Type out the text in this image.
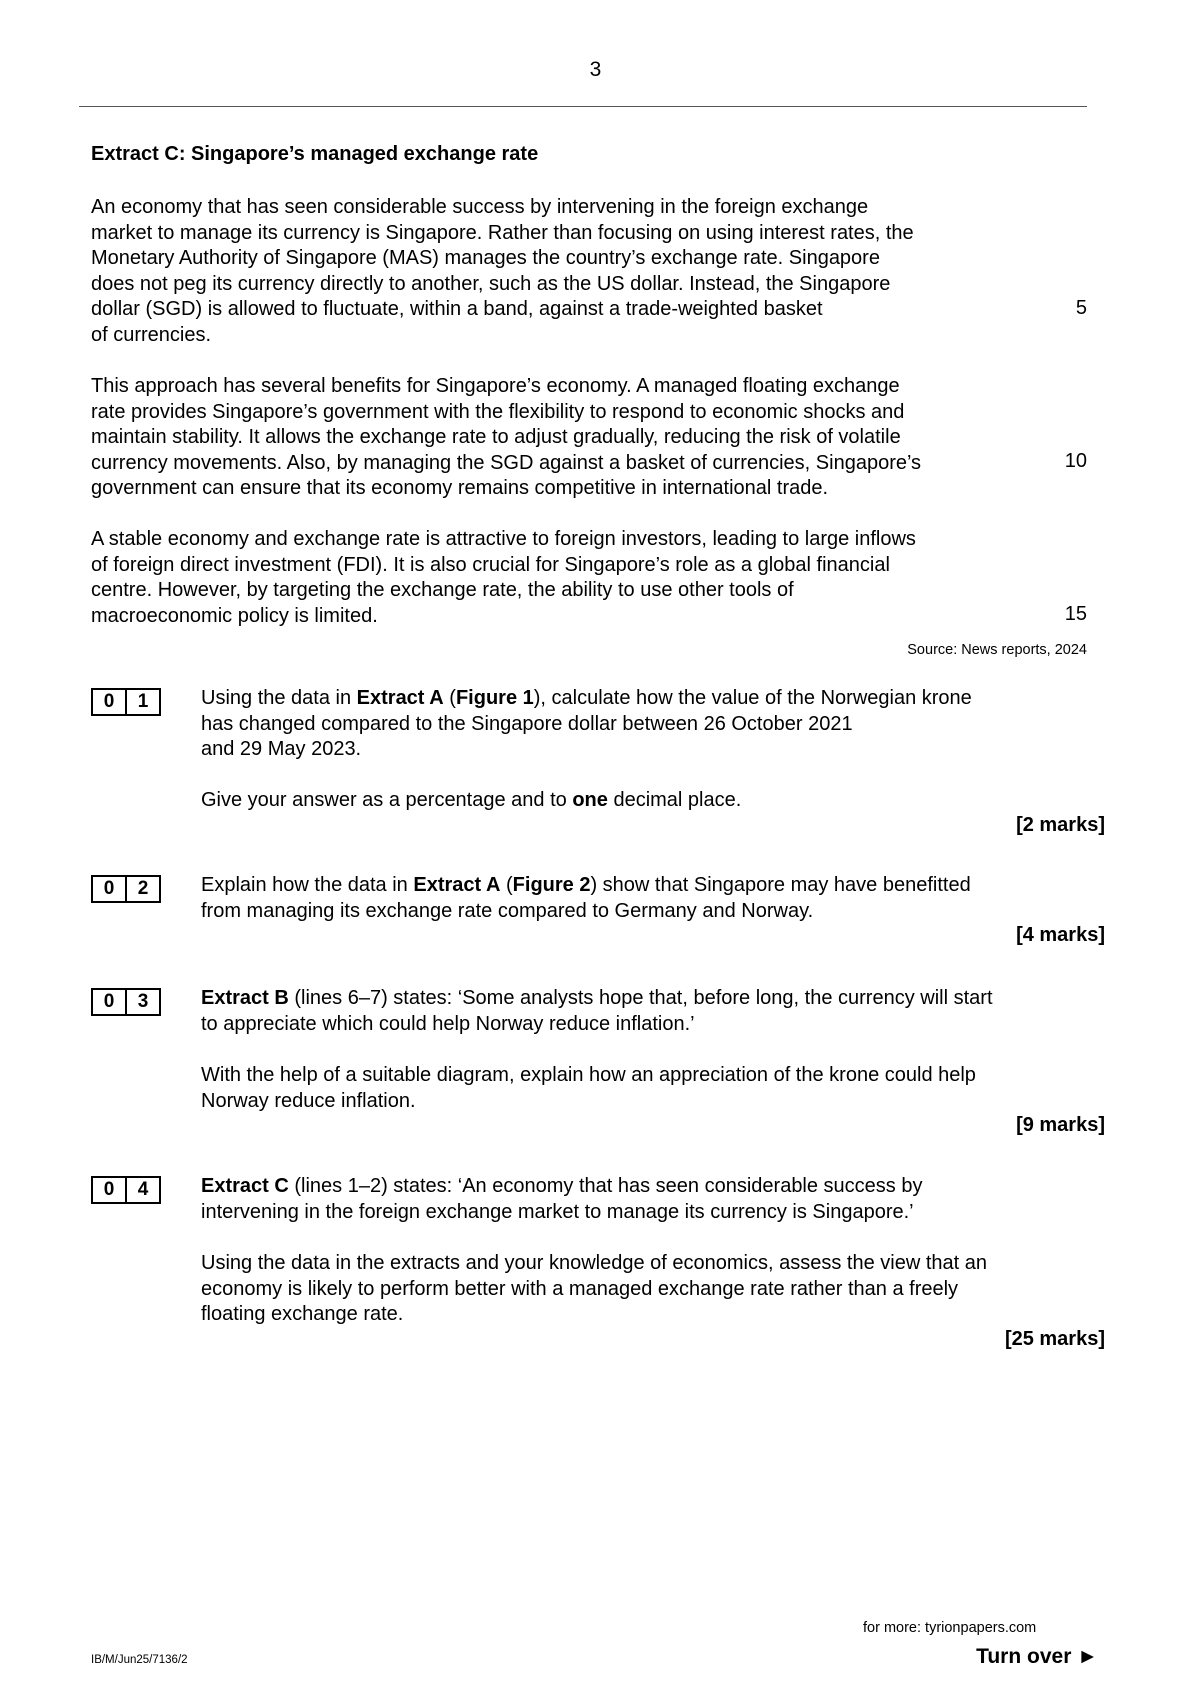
3
Extract C: Singapore’s managed exchange rate
An economy that has seen considerable success by intervening in the foreign exchange
market to manage its currency is Singapore. Rather than focusing on using interest rates, the
Monetary Authority of Singapore (MAS) manages the country’s exchange rate. Singapore
does not peg its currency directly to another, such as the US dollar. Instead, the Singapore
dollar (SGD) is allowed to fluctuate, within a band, against a trade-weighted basket
of currencies.
5
This approach has several benefits for Singapore’s economy. A managed floating exchange
rate provides Singapore’s government with the flexibility to respond to economic shocks and
maintain stability. It allows the exchange rate to adjust gradually, reducing the risk of volatile
currency movements. Also, by managing the SGD against a basket of currencies, Singapore’s
government can ensure that its economy remains competitive in international trade.
10
A stable economy and exchange rate is attractive to foreign investors, leading to large inflows
of foreign direct investment (FDI). It is also crucial for Singapore’s role as a global financial
centre. However, by targeting the exchange rate, the ability to use other tools of
macroeconomic policy is limited.	15
Source: News reports, 2024
0	1	Using the data in Extract A (Figure 1), calculate how the value of the Norwegian krone
has changed compared to the Singapore dollar between 26 October 2021
and 29 May 2023.
Give your answer as a percentage and to one decimal place.
[2 marks]
0	2	Explain how the data in Extract A (Figure 2) show that Singapore may have benefitted
from managing its exchange rate compared to Germany and Norway.
[4 marks]
0	3	Extract B (lines 6–7) states: ‘Some analysts hope that, before long, the currency will start
to appreciate which could help Norway reduce inflation.’
With the help of a suitable diagram, explain how an appreciation of the krone could help
Norway reduce inflation.
[9 marks]
0	4	Extract C (lines 1–2) states: ‘An economy that has seen considerable success by
intervening in the foreign exchange market to manage its currency is Singapore.’
Using the data in the extracts and your knowledge of economics, assess the view that an
economy is likely to perform better with a managed exchange rate rather than a freely
floating exchange rate.
[25 marks]
for more: tyrionpapers.com
IB/M/Jun25/7136/2	Turn over ►
